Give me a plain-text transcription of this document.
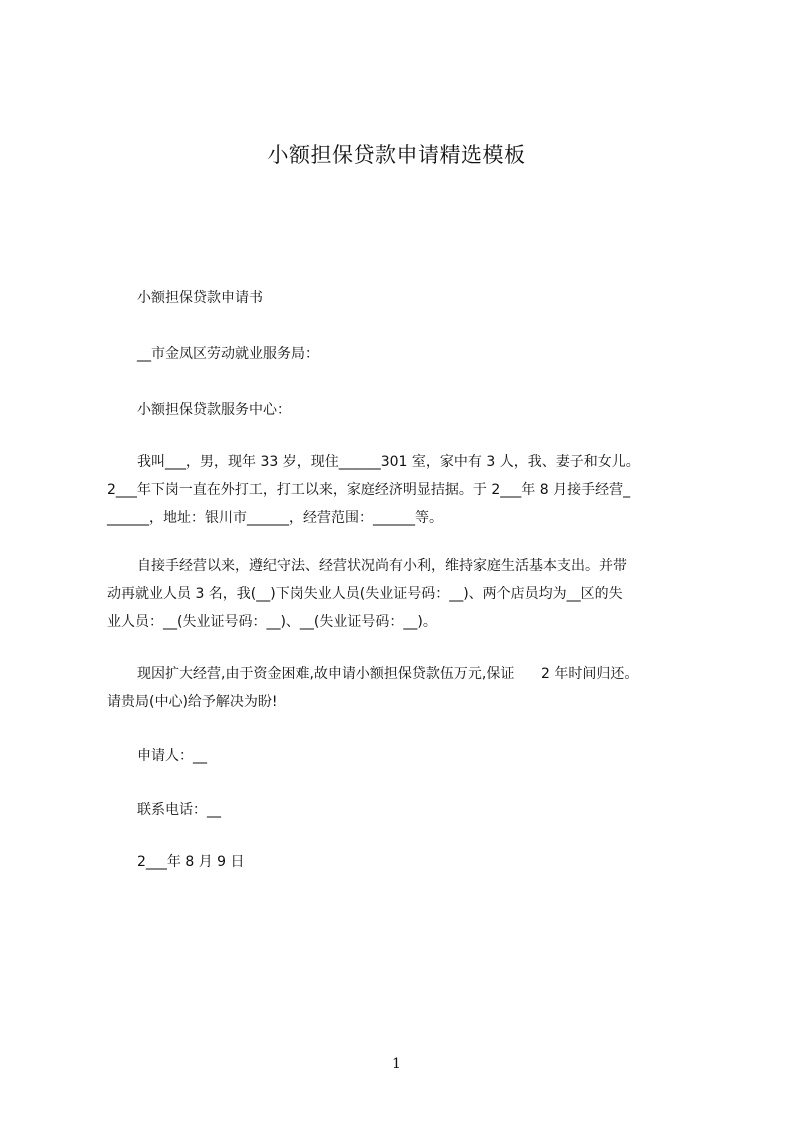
小额担保贷款申请精选模板
小额担保贷款申请书
__市金凤区劳动就业服务局：
小额担保贷款服务中心：
我叫___，男，现年 33 岁，现住______301 室，家中有 3 人，我、妻子和女儿。
2___年下岗一直在外打工，打工以来，家庭经济明显拮据。于 2___年 8 月接手经营_
______，地址：银川市______，经营范围：______等。
自接手经营以来，遵纪守法、经营状况尚有小利，维持家庭生活基本支出。并带
动再就业人员 3 名，我(__)下岗失业人员(失业证号码：__)、两个店员均为__区的失
业人员：__(失业证号码：__)、__(失业证号码：__)。
现因扩大经营,由于资金困难,故申请小额担保贷款伍万元,保证      2 年时间归还。
请贵局(中心)给予解决为盼!
申请人：__
联系电话：__
2___年 8 月 9 日
1
